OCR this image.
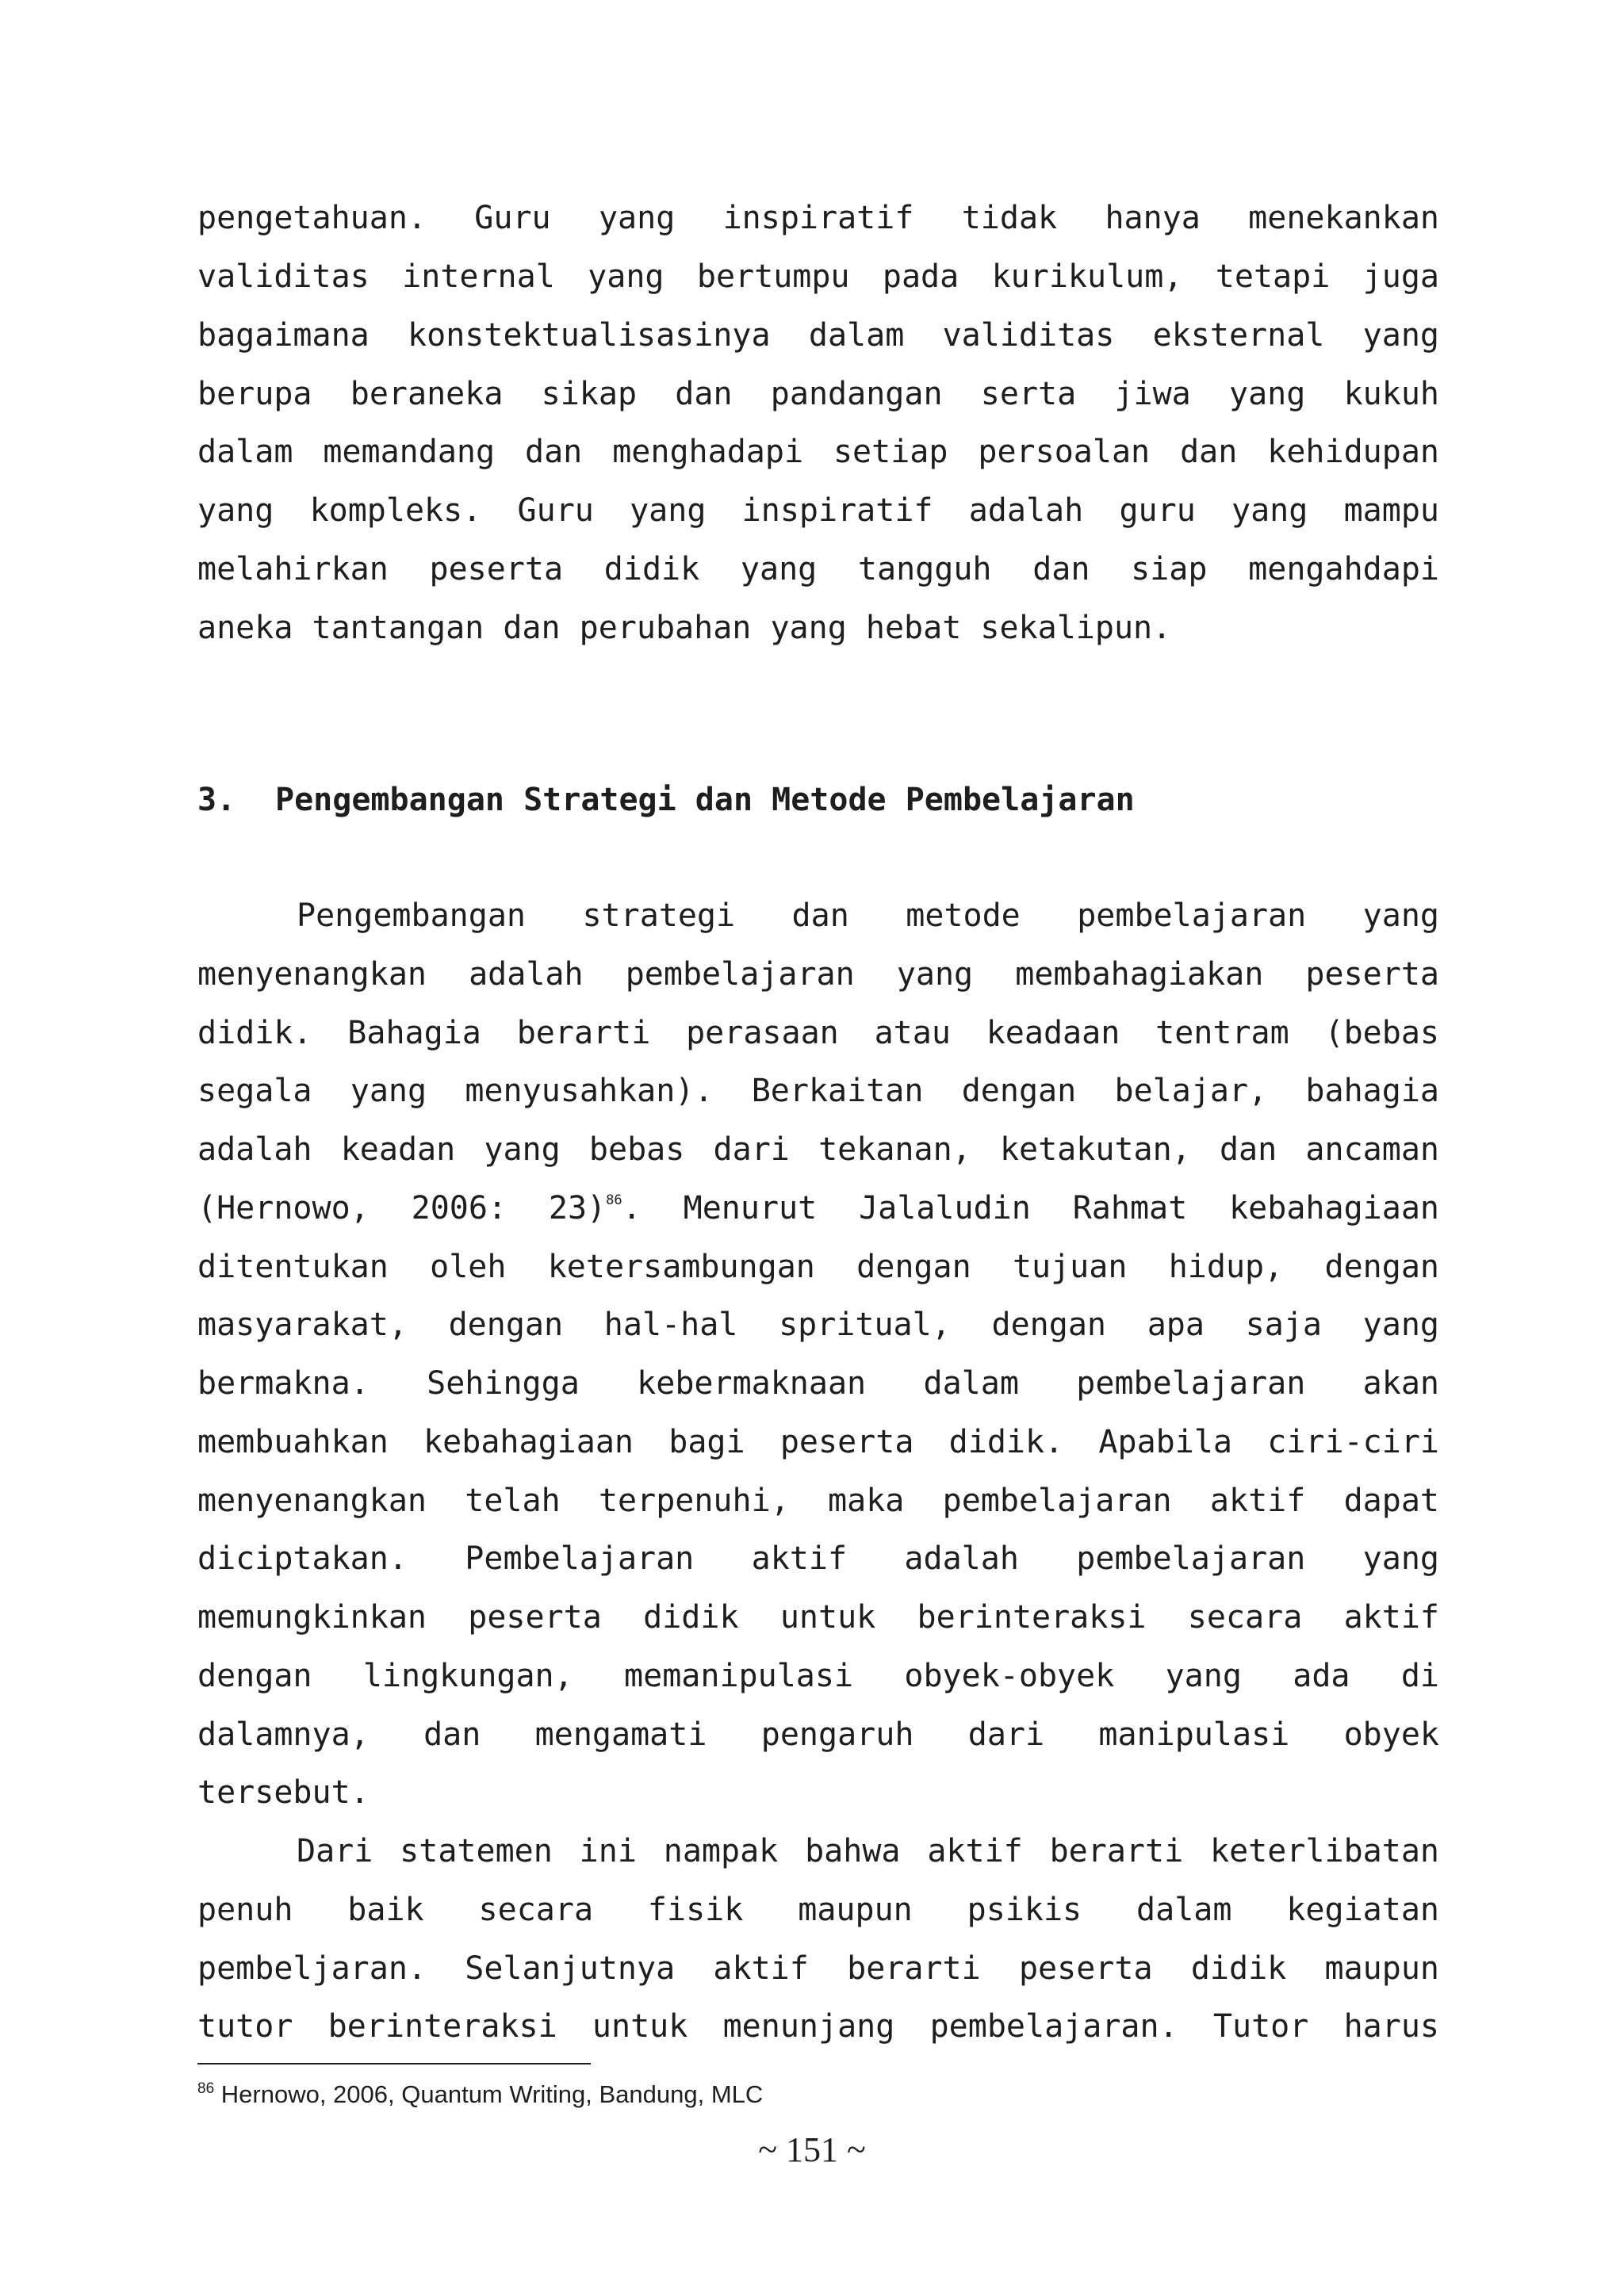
pengetahuan. Guru yang inspiratif tidak hanya menekankan

validitas internal yang bertumpu pada kurikulum, tetapi juga

bagaimana konstektualisasinya dalam validitas eksternal yang

berupa beraneka sikap dan pandangan serta jiwa yang kukuh

dalam memandang dan menghadapi setiap persoalan dan kehidupan

yang kompleks. Guru yang inspiratif adalah guru yang mampu

melahirkan peserta didik yang tangguh dan siap mengahdapi

aneka tantangan dan perubahan yang hebat sekalipun.

3. Pengembangan Strategi dan Metode Pembelajaran

Pengembangan strategi dan metode pembelajaran yang

menyenangkan adalah pembelajaran yang membahagiakan peserta

didik. Bahagia berarti perasaan atau keadaan tentram (bebas

segala yang menyusahkan). Berkaitan dengan belajar, bahagia

adalah keadan yang bebas dari tekanan, ketakutan, dan ancaman

(Hernowo, 2006: 23)$^{86}$. Menurut Jalaludin Rahmat kebahagiaan

ditentukan oleh ketersambungan dengan tujuan hidup, dengan

masyarakat, dengan hal-hal spritual, dengan apa saja yang

bermakna. Sehingga kebermaknaan dalam pembelajaran akan

membuahkan kebahagiaan bagi peserta didik. Apabila ciri-ciri

menyenangkan telah terpenuhi, maka pembelajaran aktif dapat

diciptakan. Pembelajaran aktif adalah pembelajaran yang

memungkinkan peserta didik untuk berinteraksi secara aktif

dengan lingkungan, memanipulasi obyek-obyek yang ada di

dalamnya, dan mengamati pengaruh dari manipulasi obyek

tersebut.

Dari statemen ini nampak bahwa aktif berarti keterlibatan

penuh baik secara fisik maupun psikis dalam kegiatan

pembeljaran. Selanjutnya aktif berarti peserta didik maupun

tutor berinteraksi untuk menunjang pembelajaran. Tutor harus

$^{86}$ Hernowo, 2006, Quantum Writing, Bandung, MLC

~ 151 ~
